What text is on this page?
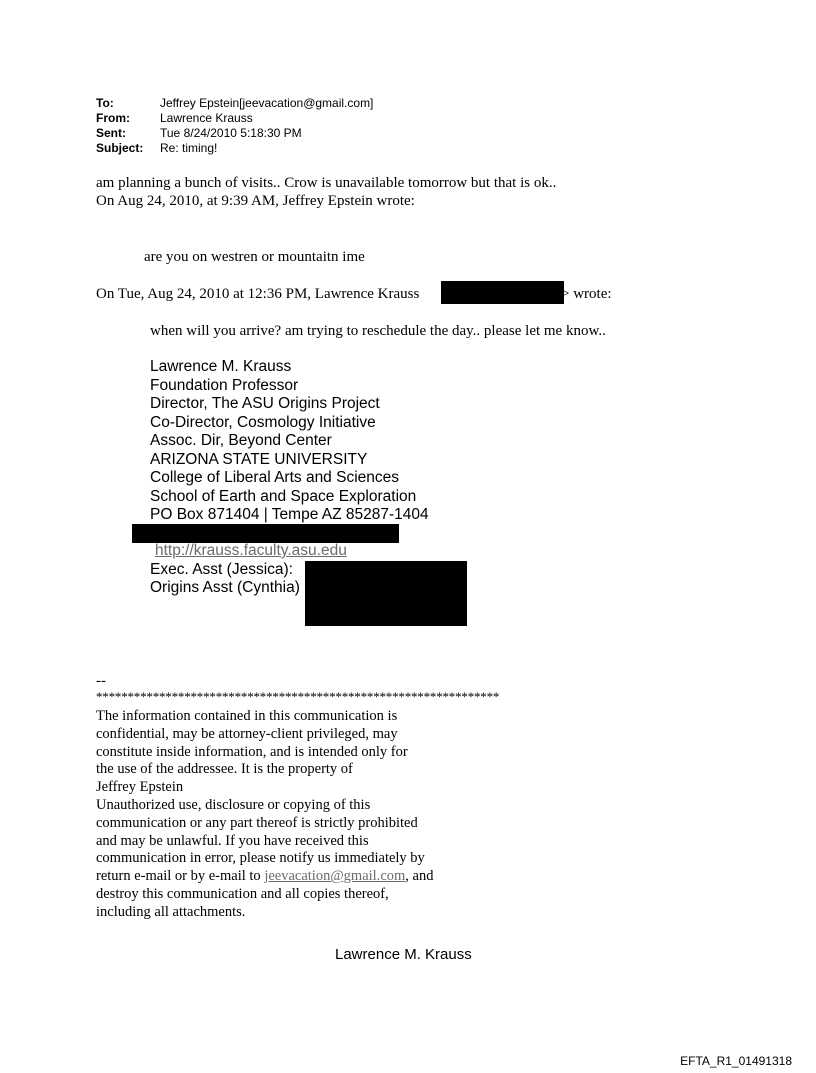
To:	Jeffrey Epstein[jeevacation@gmail.com]
From:	Lawrence Krauss
Sent:	Tue 8/24/2010 5:18:30 PM
Subject:	Re: timing!
am planning a bunch of visits.. Crow is unavailable tomorrow but that is ok..
On Aug 24, 2010, at 9:39 AM, Jeffrey Epstein wrote:
are you on westren or mountaitn ime
On Tue, Aug 24, 2010 at 12:36 PM, Lawrence Krauss	> wrote:
when will you arrive? am trying to reschedule the day.. please let me know..
Lawrence M. Krauss
Foundation Professor
Director, The ASU Origins Project
Co-Director, Cosmology Initiative
Assoc. Dir, Beyond Center
ARIZONA STATE UNIVERSITY
College of Liberal Arts and Sciences
School of Earth and Space Exploration
PO Box 871404 | Tempe AZ 85287-1404
http://krauss.faculty.asu.edu
Exec. Asst (Jessica):
Origins Asst (Cynthia)
--
****************************************************************
The information contained in this communication is
confidential, may be attorney-client privileged, may
constitute inside information, and is intended only for
the use of the addressee. It is the property of
Jeffrey Epstein
Unauthorized use, disclosure or copying of this
communication or any part thereof is strictly prohibited
and may be unlawful. If you have received this
communication in error, please notify us immediately by
return e-mail or by e-mail to jeevacation@gmail.com, and
destroy this communication and all copies thereof,
including all attachments.
Lawrence M. Krauss
EFTA_R1_01491318
